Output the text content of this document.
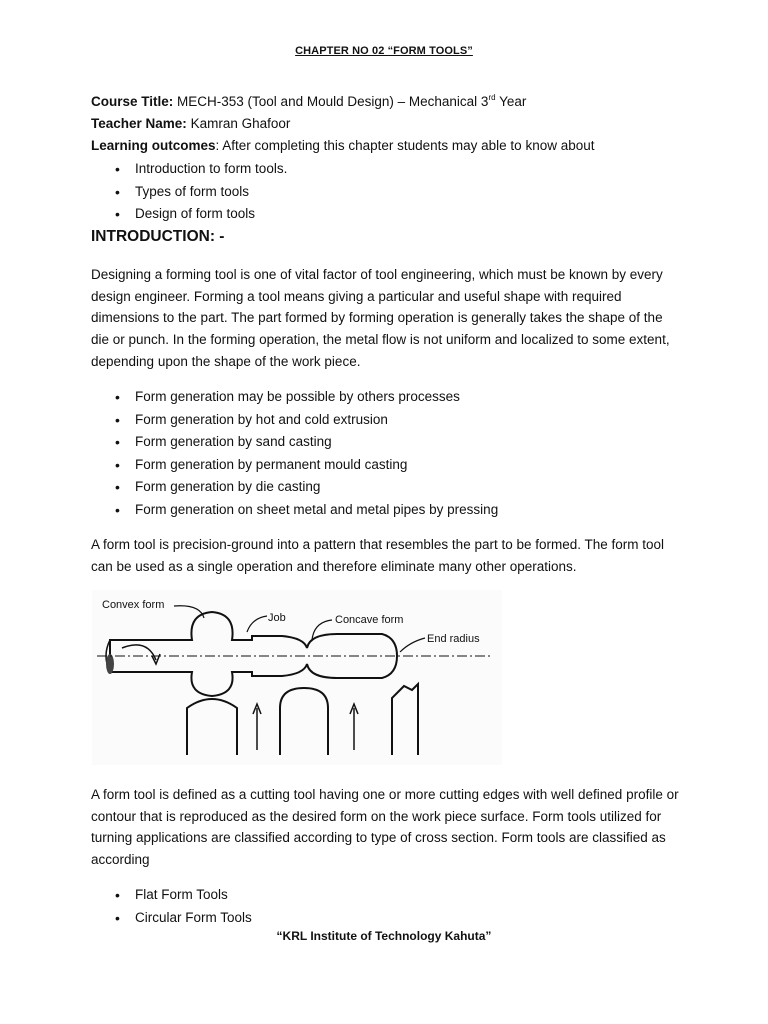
CHAPTER NO 02 “FORM TOOLS”
Course Title: MECH-353 (Tool and Mould Design) – Mechanical 3rd Year
Teacher Name: Kamran Ghafoor
Learning outcomes: After completing this chapter students may able to know about
• Introduction to form tools.
• Types of form tools
• Design of form tools
INTRODUCTION: -

Designing a forming tool is one of vital factor of tool engineering, which must be known by every design engineer. Forming a tool means giving a particular and useful shape with required dimensions to the part. The part formed by forming operation is generally takes the shape of the die or punch. In the forming operation, the metal flow is not uniform and localized to some extent, depending upon the shape of the work piece.

• Form generation may be possible by others processes
• Form generation by hot and cold extrusion
• Form generation by sand casting
• Form generation by permanent mould casting
• Form generation by die casting
• Form generation on sheet metal and metal pipes by pressing

A form tool is precision-ground into a pattern that resembles the part to be formed. The form tool can be used as a single operation and therefore eliminate many other operations.

Convex form
Job	Concave form
End radius

A form tool is defined as a cutting tool having one or more cutting edges with well defined profile or contour that is reproduced as the desired form on the work piece surface. Form tools utilized for turning applications are classified according to type of cross section. Form tools are classified as according

• Flat Form Tools
• Circular Form Tools
“KRL Institute of Technology Kahuta”
